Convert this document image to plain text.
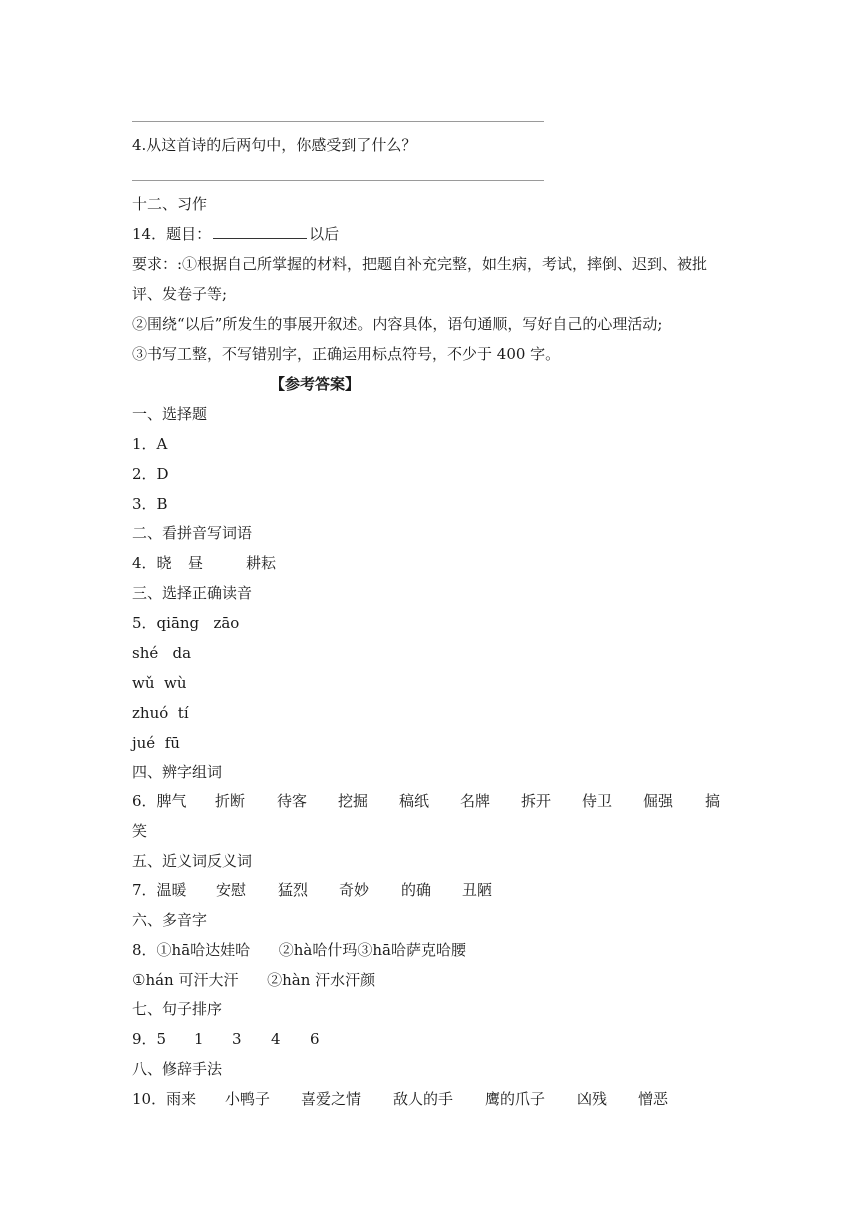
4.从这首诗的后两句中，你感受到了什么？
十二、习作
14．题目：	以后
要求：:①根据自己所掌握的材料，把题自补充完整，如生病，考试，摔倒、迟到、被批
评、发卷子等;
②围绕“以后”所发生的事展开叙述。内容具体，语句通顺，写好自己的心理活动;
③书写工整，不写错别字，正确运用标点符号，不少于 400 字。
【参考答案】
一、选择题
1．A
2．D
3．B
二、看拼音写词语
4．晓	昼	耕耘
三、选择正确读音
5．qiāng   zāo
shé   da
wǔ  wù
zhuó  tí
jué  fū
四、辨字组词
6．脾气	折断	待客	挖掘	稿纸	名牌	拆开	侍卫	倔强	搞
笑
五、近义词反义词
7．温暖	安慰	猛烈	奇妙	的确	丑陋
六、多音字
8．①hā哈达娃哈      ②hà哈什玛③hā哈萨克哈腰
①hán 可汗大汗      ②hàn 汗水汗颜
七、句子排序
9．5	1	3	4	6
八、修辞手法
10．雨来	小鸭子	喜爱之情	敌人的手	鹰的爪子	凶残	憎恶
